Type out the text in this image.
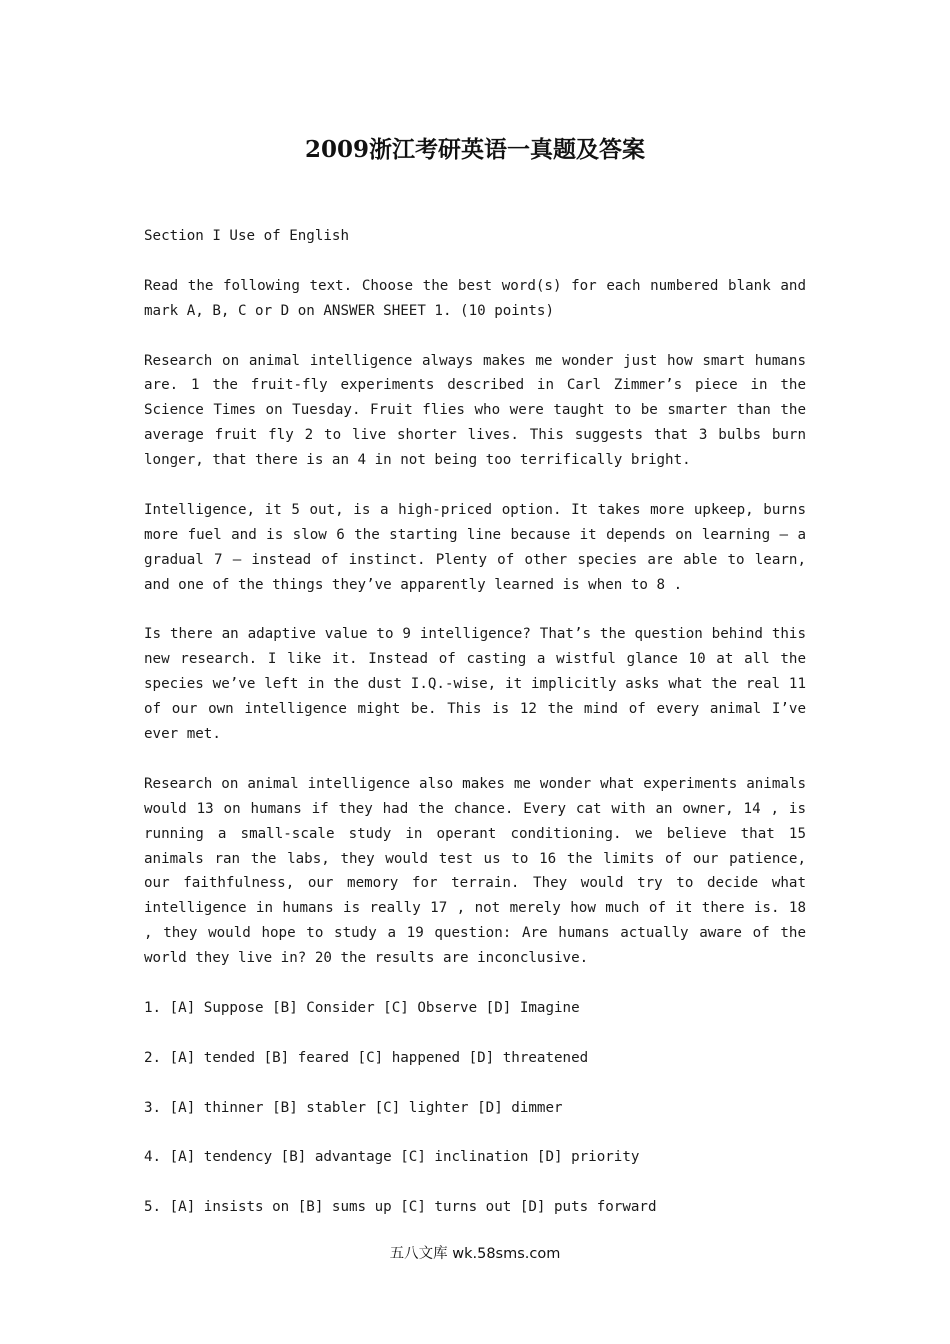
2009浙江考研英语一真题及答案

Section I Use of English

Read the following text. Choose the best word(s) for each numbered blank and mark A, B, C or D on ANSWER SHEET 1. (10 points)

Research on animal intelligence always makes me wonder just how smart humans are. 1 the fruit-fly experiments described in Carl Zimmer’s piece in the Science Times on Tuesday. Fruit flies who were taught to be smarter than the average fruit fly 2 to live shorter lives. This suggests that 3 bulbs burn longer, that there is an 4 in not being too terrifically bright.

Intelligence, it 5 out, is a high-priced option. It takes more upkeep, burns more fuel and is slow 6 the starting line because it depends on learning — a gradual 7 — instead of instinct. Plenty of other species are able to learn, and one of the things they’ve apparently learned is when to 8 .

Is there an adaptive value to 9 intelligence? That’s the question behind this new research. I like it. Instead of casting a wistful glance 10 at all the species we’ve left in the dust I.Q.-wise, it implicitly asks what the real 11 of our own intelligence might be. This is 12 the mind of every animal I’ve ever met.

Research on animal intelligence also makes me wonder what experiments animals would 13 on humans if they had the chance. Every cat with an owner, 14 , is running a small-scale study in operant conditioning. we believe that 15 animals ran the labs, they would test us to 16 the limits of our patience, our faithfulness, our memory for terrain. They would try to decide what intelligence in humans is really 17 , not merely how much of it there is. 18 , they would hope to study a 19 question: Are humans actually aware of the world they live in? 20 the results are inconclusive.

1. [A] Suppose [B] Consider [C] Observe [D] Imagine

2. [A] tended [B] feared [C] happened [D] threatened

3. [A] thinner [B] stabler [C] lighter [D] dimmer

4. [A] tendency [B] advantage [C] inclination [D] priority

5. [A] insists on [B] sums up [C] turns out [D] puts forward

五八文库 wk.58sms.com
